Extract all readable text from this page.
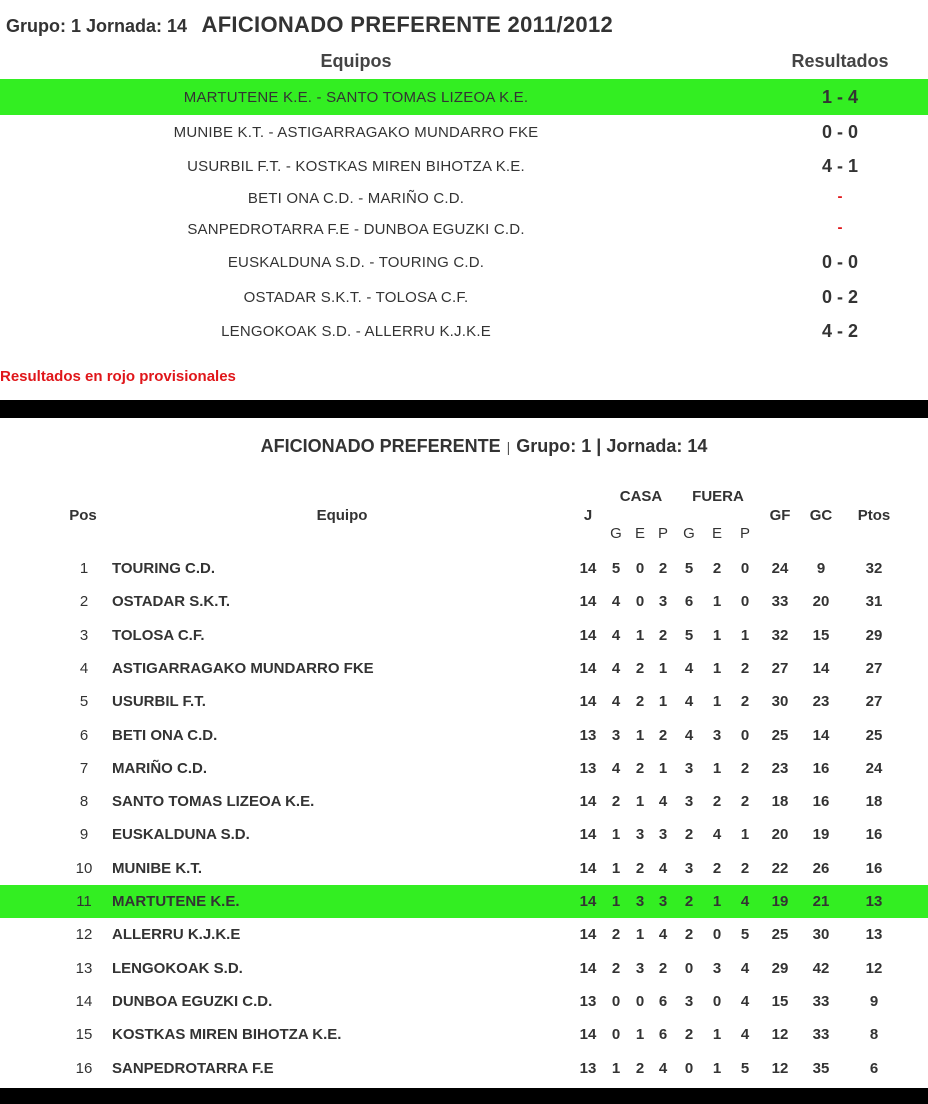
Grupo: 1 Jornada: 14 AFICIONADO PREFERENTE 2011/2012
Equipos	Resultados
MARTUTENE K.E. - SANTO TOMAS LIZEOA K.E.	1 - 4
MUNIBE K.T. - ASTIGARRAGAKO MUNDARRO FKE	0 - 0
USURBIL F.T. - KOSTKAS MIREN BIHOTZA K.E.	4 - 1
BETI ONA C.D. - MARIÑO C.D.	-
SANPEDROTARRA F.E - DUNBOA EGUZKI C.D.	-
EUSKALDUNA S.D. - TOURING C.D.	0 - 0
OSTADAR S.K.T. - TOLOSA C.F.	0 - 2
LENGOKOAK S.D. - ALLERRU K.J.K.E	4 - 2
Resultados en rojo provisionales
AFICIONADO PREFERENTE | Grupo: 1 | Jornada: 14
Pos	Equipo	J
CASA	FUERA
G E P	G	E	P
GF	GC	Ptos
1	TOURING C.D.	14	5	0 2	5	2	0	24	9	32
2	OSTADAR S.K.T.	14	4	0 3	6	1	0	33	20	31
3	TOLOSA C.F.	14	4	1 2	5	1	1	32	15	29
4	ASTIGARRAGAKO MUNDARRO FKE	14	4	2 1	4	1	2	27	14	27
5	USURBIL F.T.	14	4	2 1	4	1	2	30	23	27
6	BETI ONA C.D.	13	3	1 2	4	3	0	25	14	25
7	MARIÑO C.D.	13	4	2 1	3	1	2	23	16	24
8	SANTO TOMAS LIZEOA K.E.	14	2	1 4	3	2	2	18	16	18
9	EUSKALDUNA S.D.	14	1	3 3	2	4	1	20	19	16
10	MUNIBE K.T.	14	1	2 4	3	2	2	22	26	16
11	MARTUTENE K.E.	14	1	3 3	2	1	4	19	21	13
12	ALLERRU K.J.K.E	14	2	1 4	2	0	5	25	30	13
13	LENGOKOAK S.D.	14	2	3 2	0	3	4	29	42	12
14	DUNBOA EGUZKI C.D.	13	0	0 6	3	0	4	15	33	9
15	KOSTKAS MIREN BIHOTZA K.E.	14	0	1 6	2	1	4	12	33	8
16	SANPEDROTARRA F.E	13	1	2 4	0	1	5	12	35	6
